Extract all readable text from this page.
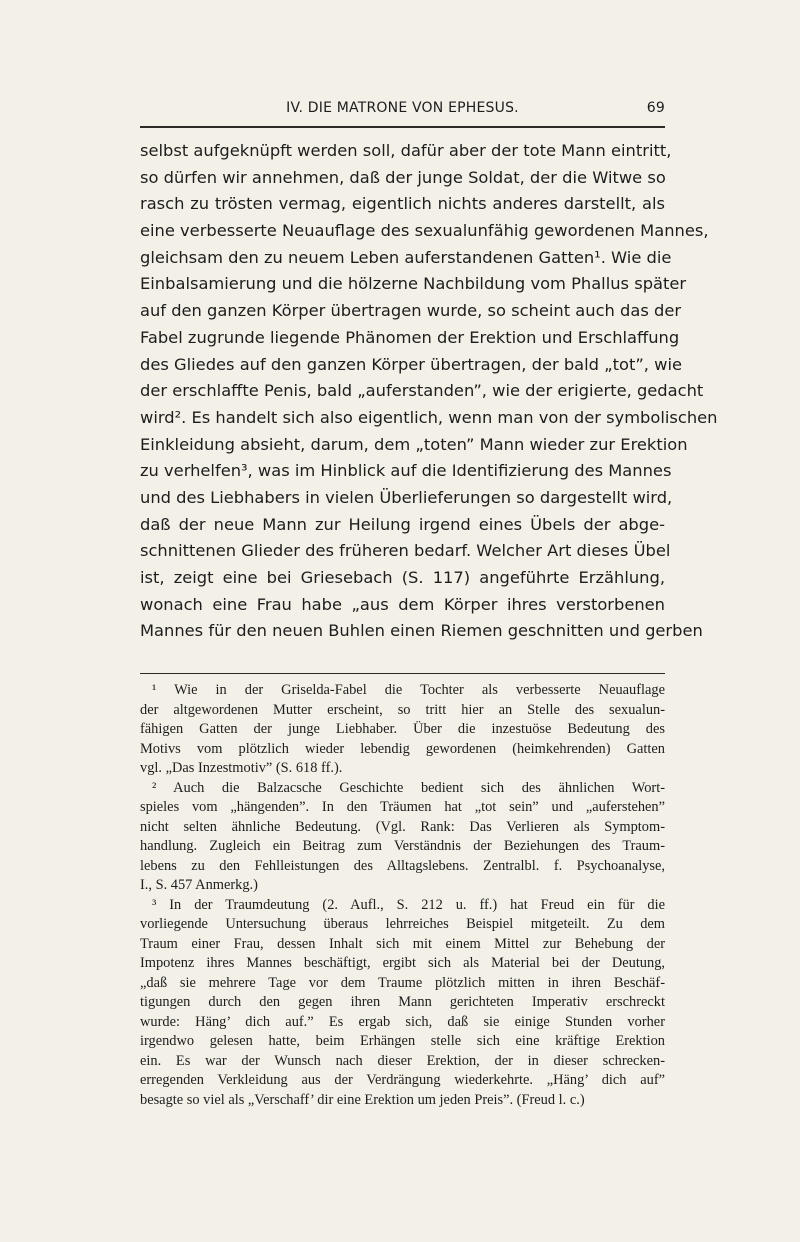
IV. DIE MATRONE VON EPHESUS.	69
selbst aufgeknüpft werden soll, dafür aber der tote Mann eintritt,
so dürfen wir annehmen, daß der junge Soldat, der die Witwe so
rasch zu trösten vermag, eigentlich nichts anderes darstellt, als
eine verbesserte Neuauflage des sexualunfähig gewordenen Mannes,
gleichsam den zu neuem Leben auferstandenen Gatten¹. Wie die
Einbalsamierung und die hölzerne Nachbildung vom Phallus später
auf den ganzen Körper übertragen wurde, so scheint auch das der
Fabel zugrunde liegende Phänomen der Erektion und Erschlaffung
des Gliedes auf den ganzen Körper übertragen, der bald „tot”, wie
der erschlaffte Penis, bald „auferstanden”, wie der erigierte, gedacht
wird². Es handelt sich also eigentlich, wenn man von der symbolischen
Einkleidung absieht, darum, dem „toten” Mann wieder zur Erektion
zu verhelfen³, was im Hinblick auf die Identifizierung des Mannes
und des Liebhabers in vielen Überlieferungen so dargestellt wird,
daß der neue Mann zur Heilung irgend eines Übels der abge-
schnittenen Glieder des früheren bedarf. Welcher Art dieses Übel
ist, zeigt eine bei Griesebach (S. 117) angeführte Erzählung,
wonach eine Frau habe „aus dem Körper ihres verstorbenen
Mannes für den neuen Buhlen einen Riemen geschnitten und gerben
¹ Wie in der Griselda-Fabel die Tochter als verbesserte Neuauflage
der altgewordenen Mutter erscheint, so tritt hier an Stelle des sexualun-
fähigen Gatten der junge Liebhaber. Über die inzestuöse Bedeutung des
Motivs vom plötzlich wieder lebendig gewordenen (heimkehrenden) Gatten
vgl. „Das Inzestmotiv” (S. 618 ff.).
² Auch die Balzacsche Geschichte bedient sich des ähnlichen Wort-
spieles vom „hängenden”. In den Träumen hat „tot sein” und „auferstehen”
nicht selten ähnliche Bedeutung. (Vgl. Rank: Das Verlieren als Symptom-
handlung. Zugleich ein Beitrag zum Verständnis der Beziehungen des Traum-
lebens zu den Fehlleistungen des Alltagslebens. Zentralbl. f. Psychoanalyse,
I., S. 457 Anmerkg.)
³ In der Traumdeutung (2. Aufl., S. 212 u. ff.) hat Freud ein für die
vorliegende Untersuchung überaus lehrreiches Beispiel mitgeteilt. Zu dem
Traum einer Frau, dessen Inhalt sich mit einem Mittel zur Behebung der
Impotenz ihres Mannes beschäftigt, ergibt sich als Material bei der Deutung,
„daß sie mehrere Tage vor dem Traume plötzlich mitten in ihren Beschäf-
tigungen durch den gegen ihren Mann gerichteten Imperativ erschreckt
wurde: Häng’ dich auf.” Es ergab sich, daß sie einige Stunden vorher
irgendwo gelesen hatte, beim Erhängen stelle sich eine kräftige Erektion
ein. Es war der Wunsch nach dieser Erektion, der in dieser schrecken-
erregenden Verkleidung aus der Verdrängung wiederkehrte. „Häng’ dich auf”
besagte so viel als „Verschaff’ dir eine Erektion um jeden Preis”. (Freud l. c.)
